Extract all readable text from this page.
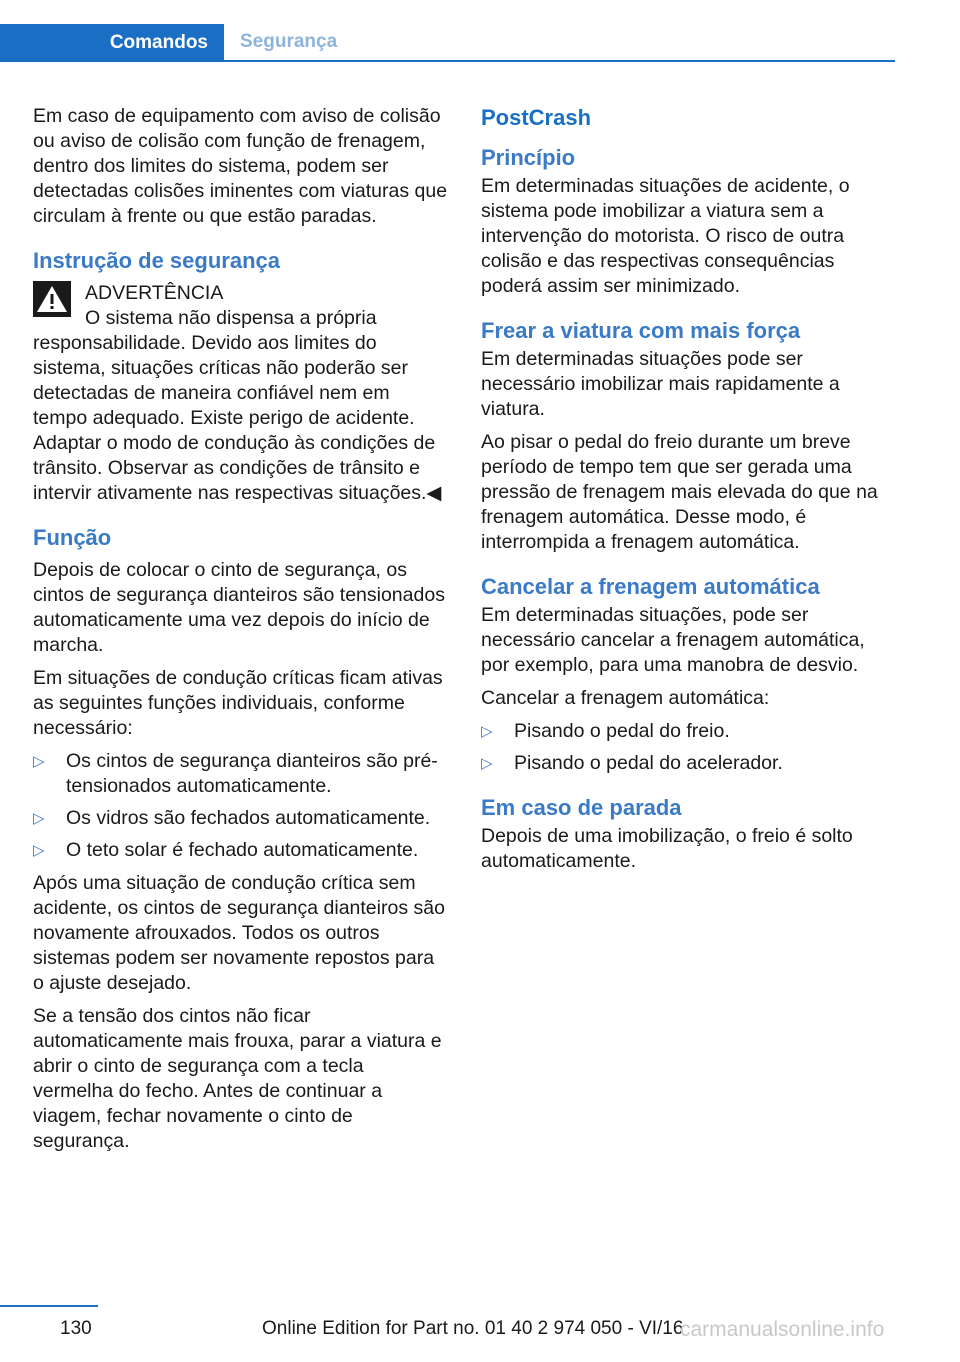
Comandos	Segurança

Em caso de equipamento com aviso de colisão ou aviso de colisão com função de frenagem, dentro dos limites do sistema, podem ser detectadas colisões iminentes com viaturas que circulam à frente ou que estão paradas.

Instrução de segurança
ADVERTÊNCIA
O sistema não dispensa a própria responsabilidade. Devido aos limites do sistema, situações críticas não poderão ser detectadas de maneira confiável nem em tempo adequado. Existe perigo de acidente. Adaptar o modo de condução às condições de trânsito. Observar as condições de trânsito e intervir ativamente nas respectivas situações.◀
Função

Depois de colocar o cinto de segurança, os cintos de segurança dianteiros são tensionados automaticamente uma vez depois do início de marcha.

Em situações de condução críticas ficam ativas as seguintes funções individuais, conforme necessário:

▷ Os cintos de segurança dianteiros são pré-tensionados automaticamente.
▷ Os vidros são fechados automaticamente.
▷ O teto solar é fechado automaticamente.

Após uma situação de condução crítica sem acidente, os cintos de segurança dianteiros são novamente afrouxados. Todos os outros sistemas podem ser novamente repostos para o ajuste desejado.

Se a tensão dos cintos não ficar automaticamente mais frouxa, parar a viatura e abrir o cinto de segurança com a tecla vermelha do fecho. Antes de continuar a viagem, fechar novamente o cinto de segurança.

PostCrash
Princípio

Em determinadas situações de acidente, o sistema pode imobilizar a viatura sem a intervenção do motorista. O risco de outra colisão e das respectivas consequências poderá assim ser minimizado.

Frear a viatura com mais força

Em determinadas situações pode ser necessário imobilizar mais rapidamente a viatura.

Ao pisar o pedal do freio durante um breve período de tempo tem que ser gerada uma pressão de frenagem mais elevada do que na frenagem automática. Desse modo, é interrompida a frenagem automática.

Cancelar a frenagem automática

Em determinadas situações, pode ser necessário cancelar a frenagem automática, por exemplo, para uma manobra de desvio.

Cancelar a frenagem automática:

▷ Pisando o pedal do freio.
▷ Pisando o pedal do acelerador.
Em caso de parada

Depois de uma imobilização, o freio é solto automaticamente.

130	Online Edition for Part no. 01 40 2 974 050 - VI/16
carmanualsonline.info
